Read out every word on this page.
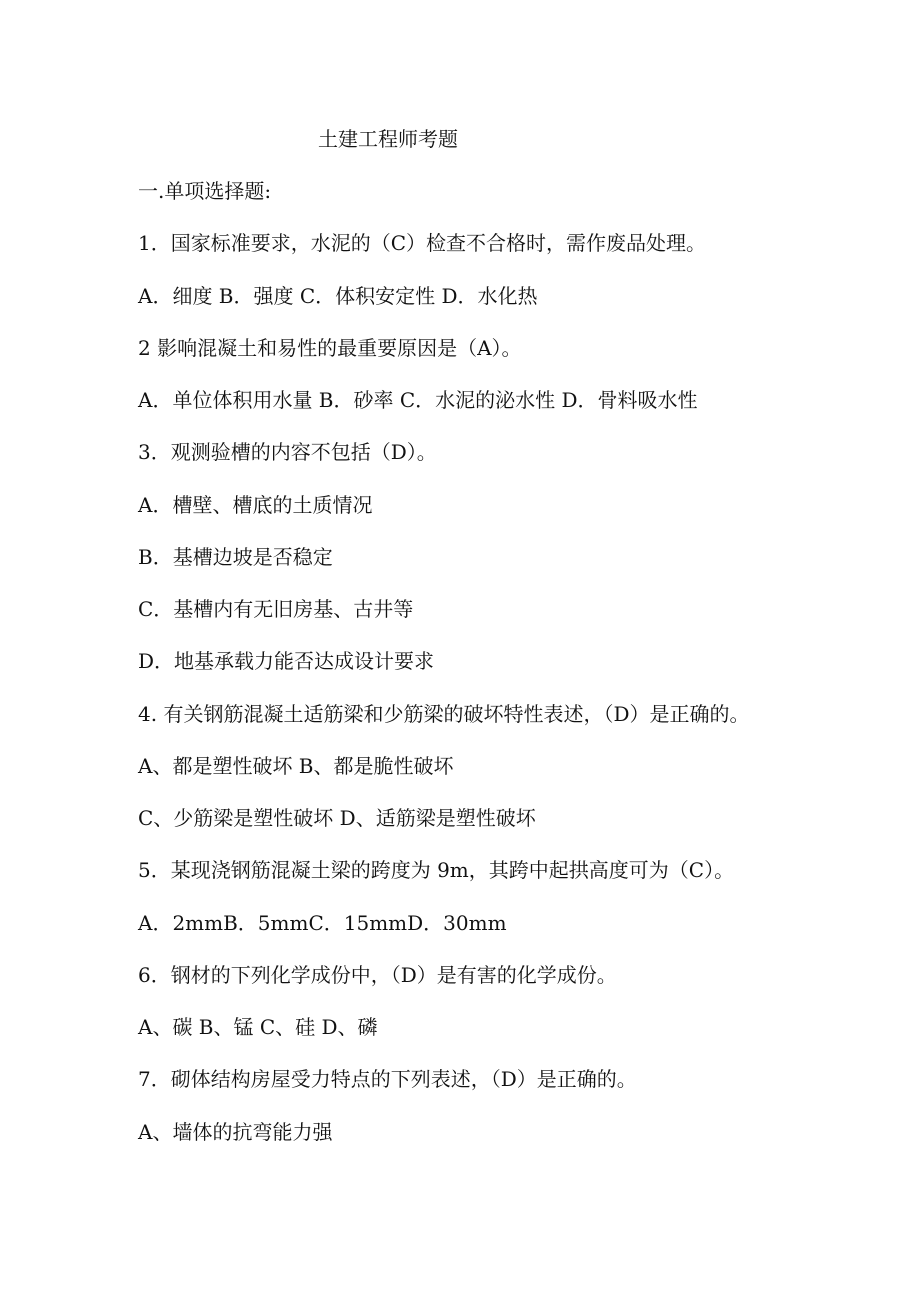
土建工程师考题
一.单项选择题:
1．国家标准要求，水泥的（C）检查不合格时，需作废品处理。
A．细度 B．强度 C．体积安定性 D．水化热
2 影响混凝土和易性的最重要原因是（A）。
A．单位体积用水量 B．砂率 C．水泥的泌水性 D．骨料吸水性
3．观测验槽的内容不包括（D）。
A．槽壁、槽底的土质情况
B．基槽边坡是否稳定
C．基槽内有无旧房基、古井等
D．地基承载力能否达成设计要求
4. 有关钢筋混凝土适筋梁和少筋梁的破坏特性表述，（D）是正确的。
A、都是塑性破坏 B、都是脆性破坏
C、少筋梁是塑性破坏 D、适筋梁是塑性破坏
5．某现浇钢筋混凝土梁的跨度为 9m，其跨中起拱高度可为（C）。
A．2mmB．5mmC．15mmD．30mm
6．钢材的下列化学成份中，（D）是有害的化学成份。
A、碳 B、锰 C、硅 D、磷
7．砌体结构房屋受力特点的下列表述，（D）是正确的。
A、墙体的抗弯能力强
